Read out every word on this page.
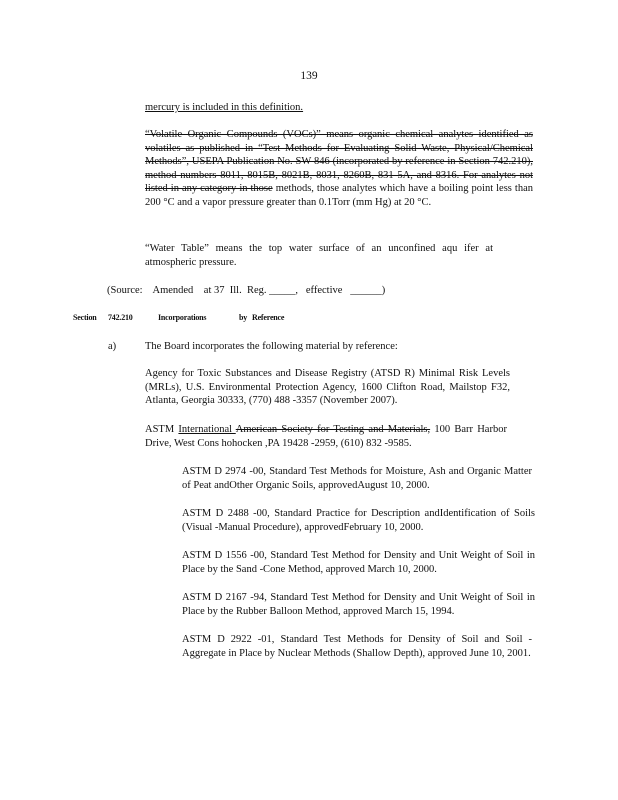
139
mercury is included in this definition.
“Volatile Organic Compounds (VOCs)” means organic chemical analytes identified as volatiles as published in “Test Methods for Evaluating Solid Waste, Physical/Chemical Methods”, USEPA Publication No. SW 846 (incorporated by reference in Section 742.210), method numbers 8011, 8015B, 8021B, 8031, 8260B, 831 5A, and 8316. For analytes not listed in any category in those methods, those analytes which have a boiling point less than 200 °C and a vapor pressure greater than 0.1Torr (mm Hg) at 20 °C.
“Water Table” means the top water surface of an unconfined aqu ifer at atmospheric pressure.
(Source:    Amended    at 37  Ill.  Reg. _____,   effective ______)
Section 742.210	Incorporations	by Reference
a)	The Board incorporates the following material by reference:
Agency for Toxic Substances and Disease Registry (ATSD R) Minimal Risk Levels (MRLs), U.S. Environmental Protection Agency, 1600 Clifton Road, Mailstop F32, Atlanta, Georgia 30333, (770) 488 -3357 (November 2007).
ASTM International American Society for Testing and Materials, 100 Barr Harbor Drive, West Cons hohocken ,PA 19428 -2959, (610) 832 -9585.
ASTM D 2974 -00, Standard Test Methods for Moisture, Ash and Organic Matter of Peat andOther Organic Soils, approvedAugust 10, 2000.
ASTM D 2488 -00, Standard Practice for Description andIdentification of Soils (Visual -Manual Procedure), approvedFebruary 10, 2000.
ASTM D 1556 -00, Standard Test Method for Density and Unit Weight of Soil in Place by the Sand -Cone Method, approved March 10, 2000.
ASTM D 2167 -94, Standard Test Method for Density and Unit Weight of Soil in Place by the Rubber Balloon Method, approved March 15, 1994.
ASTM D 2922 -01, Standard Test Methods for Density of Soil and Soil - Aggregate in Place by Nuclear Methods (Shallow Depth), approved June 10, 2001.
